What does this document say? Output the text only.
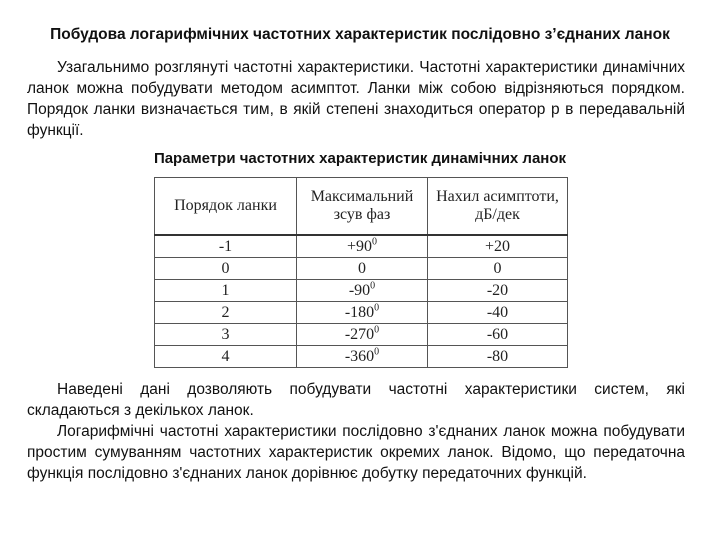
Побудова логарифмічних частотних характеристик послідовно з’єднаних ланок

Узагальнимо розглянуті частотні характеристики. Частотні характеристики динамічних ланок можна побудувати методом асимптот. Ланки між собою відрізняються порядком. Порядок ланки визначається тим, в якій степені знаходиться оператор р в передавальній функції.

Параметри частотних характеристик динамічних ланок
Порядок ланки	Максимальний зсув фаз	Нахил асимптоти, дБ/дек
-1	$+90^0$	+20
0	0	0
1	$-90^0$	-20
2	$-180^0$	-40
3	$-270^0$	-60
4	$-360^0$	-80

Наведені дані дозволяють побудувати частотні характеристики систем, які складаються з декількох ланок.

Логарифмічні частотні характеристики послідовно з'єднаних ланок можна побудувати простим сумуванням частотних характеристик окремих ланок. Відомо, що передаточна функція послідовно з'єднаних ланок дорівнює добутку передаточних функцій.
